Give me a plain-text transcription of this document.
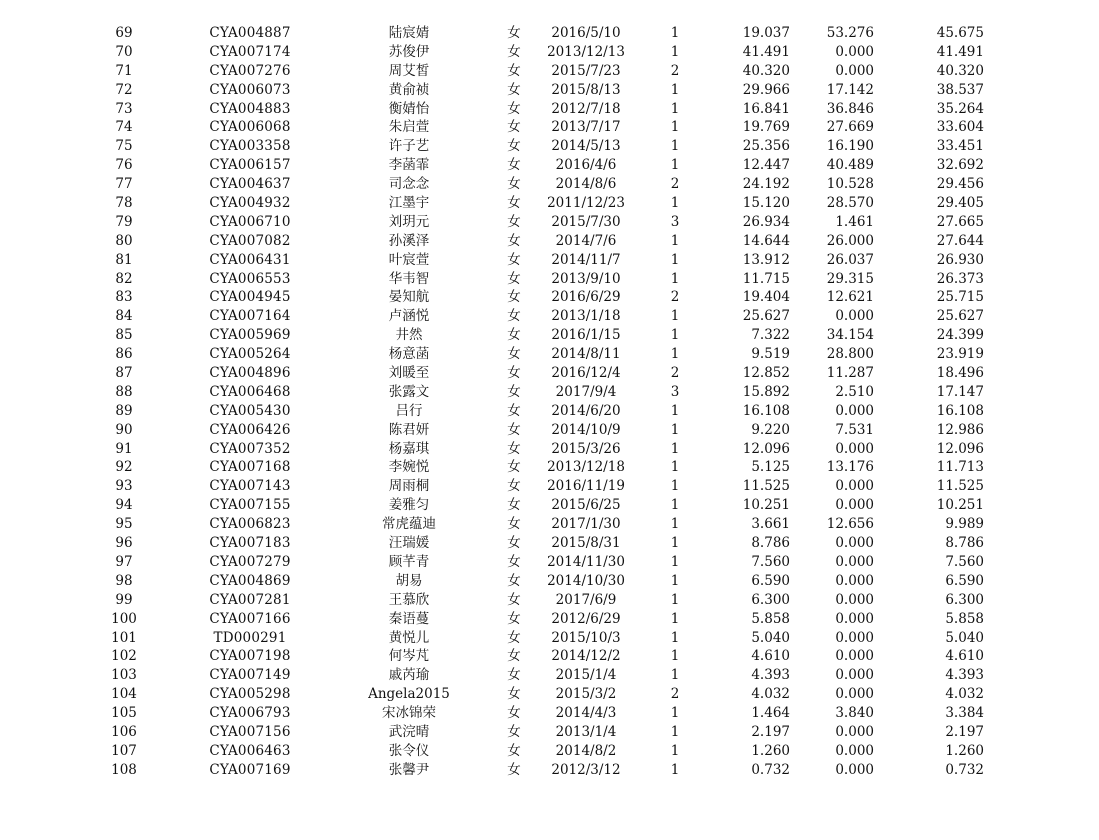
69	CYA004887	陆宸婧	女	2016/5/10	1	19.037	53.276	45.675
70	CYA007174	苏俊伊	女	2013/12/13	1	41.491	0.000	41.491
71	CYA007276	周艾皙	女	2015/7/23	2	40.320	0.000	40.320
72	CYA006073	黄俞祯	女	2015/8/13	1	29.966	17.142	38.537
73	CYA004883	衡婧怡	女	2012/7/18	1	16.841	36.846	35.264
74	CYA006068	朱启萱	女	2013/7/17	1	19.769	27.669	33.604
75	CYA003358	许子艺	女	2014/5/13	1	25.356	16.190	33.451
76	CYA006157	李菡霏	女	2016/4/6	1	12.447	40.489	32.692
77	CYA004637	司念念	女	2014/8/6	2	24.192	10.528	29.456
78	CYA004932	江墨宇	女	2011/12/23	1	15.120	28.570	29.405
79	CYA006710	刘玥元	女	2015/7/30	3	26.934	1.461	27.665
80	CYA007082	孙溪泽	女	2014/7/6	1	14.644	26.000	27.644
81	CYA006431	叶宸萱	女	2014/11/7	1	13.912	26.037	26.930
82	CYA006553	华韦智	女	2013/9/10	1	11.715	29.315	26.373
83	CYA004945	晏知航	女	2016/6/29	2	19.404	12.621	25.715
84	CYA007164	卢涵悦	女	2013/1/18	1	25.627	0.000	25.627
85	CYA005969	井然	女	2016/1/15	1	7.322	34.154	24.399
86	CYA005264	杨意菡	女	2014/8/11	1	9.519	28.800	23.919
87	CYA004896	刘暖至	女	2016/12/4	2	12.852	11.287	18.496
88	CYA006468	张露文	女	2017/9/4	3	15.892	2.510	17.147
89	CYA005430	吕行	女	2014/6/20	1	16.108	0.000	16.108
90	CYA006426	陈君妍	女	2014/10/9	1	9.220	7.531	12.986
91	CYA007352	杨嘉琪	女	2015/3/26	1	12.096	0.000	12.096
92	CYA007168	李婉悦	女	2013/12/18	1	5.125	13.176	11.713
93	CYA007143	周雨桐	女	2016/11/19	1	11.525	0.000	11.525
94	CYA007155	姜雅匀	女	2015/6/25	1	10.251	0.000	10.251
95	CYA006823	常虎蕴迪	女	2017/1/30	1	3.661	12.656	9.989
96	CYA007183	汪瑞媛	女	2015/8/31	1	8.786	0.000	8.786
97	CYA007279	顾芊青	女	2014/11/30	1	7.560	0.000	7.560
98	CYA004869	胡易	女	2014/10/30	1	6.590	0.000	6.590
99	CYA007281	王慕欣	女	2017/6/9	1	6.300	0.000	6.300
100	CYA007166	秦语蔓	女	2012/6/29	1	5.858	0.000	5.858
101	TD000291	黄悦儿	女	2015/10/3	1	5.040	0.000	5.040
102	CYA007198	何岑芃	女	2014/12/2	1	4.610	0.000	4.610
103	CYA007149	戚芮瑜	女	2015/1/4	1	4.393	0.000	4.393
104	CYA005298	Angela2015	女	2015/3/2	2	4.032	0.000	4.032
105	CYA006793	宋冰锦荣	女	2014/4/3	1	1.464	3.840	3.384
106	CYA007156	武浣晴	女	2013/1/4	1	2.197	0.000	2.197
107	CYA006463	张令仪	女	2014/8/2	1	1.260	0.000	1.260
108	CYA007169	张馨尹	女	2012/3/12	1	0.732	0.000	0.732
